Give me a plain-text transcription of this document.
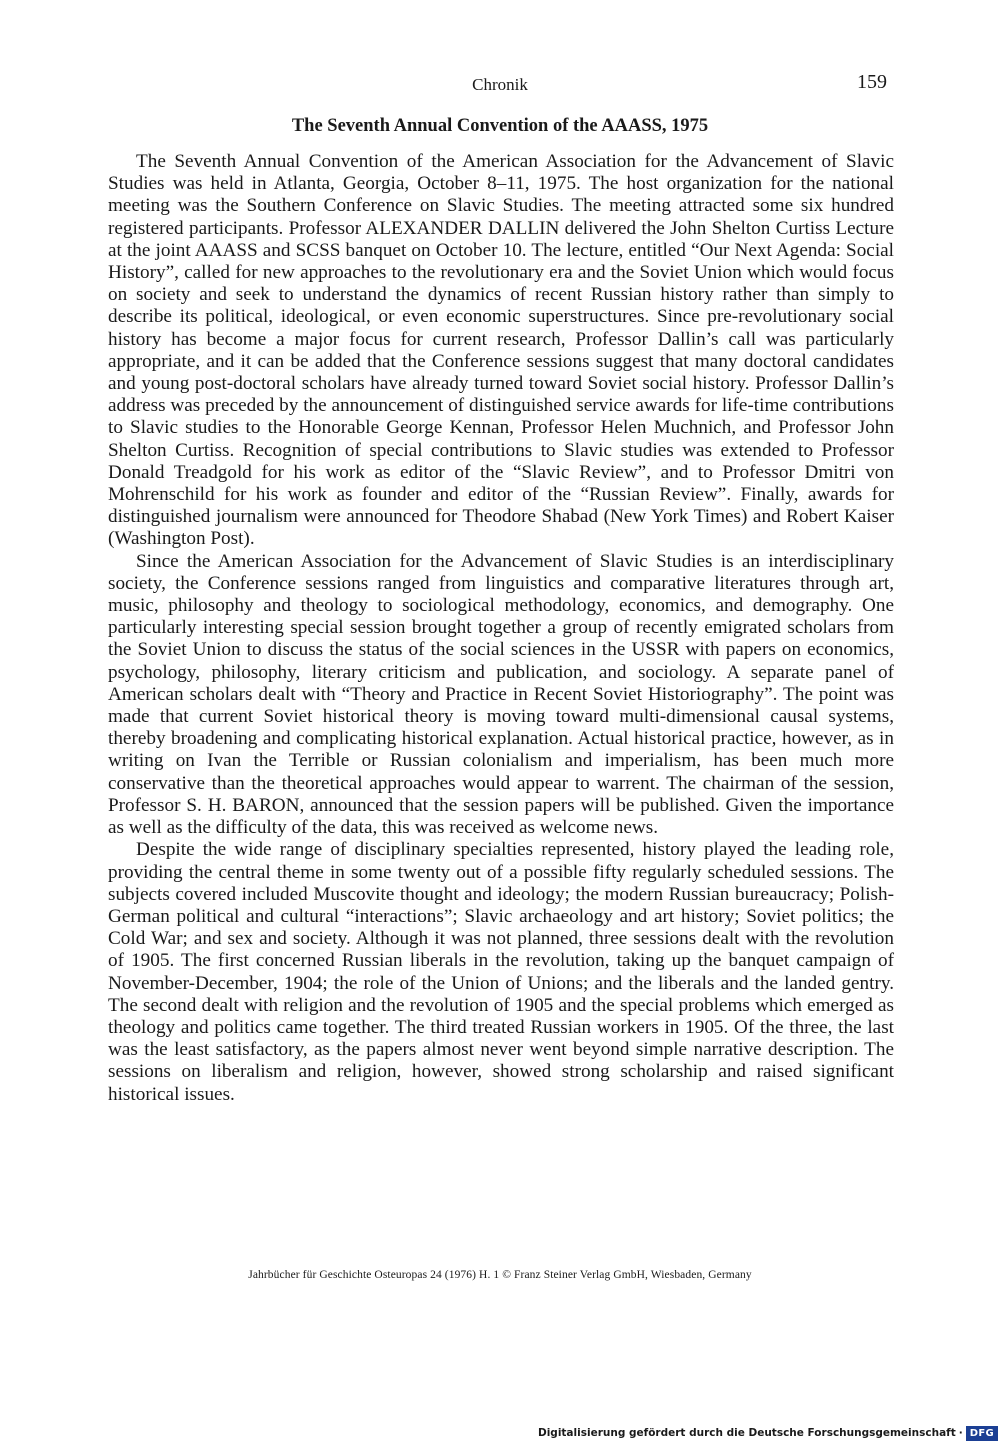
Chronik	159
The Seventh Annual Convention of the AAASS, 1975

The Seventh Annual Convention of the American Association for the Advancement of Slavic Studies was held in Atlanta, Georgia, October 8–11, 1975. The host organization for the national meeting was the Southern Conference on Slavic Studies. The meeting attracted some six hundred registered participants. Professor ALEXANDER DALLIN delivered the John Shelton Curtiss Lecture at the joint AAASS and SCSS banquet on October 10. The lecture, entitled “Our Next Agenda: Social History”, called for new approaches to the revolutionary era and the Soviet Union which would focus on society and seek to understand the dynamics of recent Russian history rather than simply to describe its political, ideological, or even economic superstructures. Since pre-revolutionary social history has become a major focus for current research, Professor Dallin’s call was particularly appropriate, and it can be added that the Conference sessions suggest that many doctoral candidates and young post-doctoral scholars have already turned toward Soviet social history. Professor Dallin’s address was preceded by the announcement of distinguished service awards for life-time contributions to Slavic studies to the Honorable George Kennan, Professor Helen Muchnich, and Professor John Shelton Curtiss. Recognition of special contributions to Slavic studies was extended to Professor Donald Treadgold for his work as editor of the “Slavic Review”, and to Professor Dmitri von Mohrenschild for his work as founder and editor of the “Russian Review”. Finally, awards for distinguished journalism were announced for Theodore Shabad (New York Times) and Robert Kaiser (Washington Post).

Since the American Association for the Advancement of Slavic Studies is an interdisciplinary society, the Conference sessions ranged from linguistics and comparative literatures through art, music, philosophy and theology to sociological methodology, economics, and demography. One particularly interesting special session brought together a group of recently emigrated scholars from the Soviet Union to discuss the status of the social sciences in the USSR with papers on economics, psychology, philosophy, literary criticism and publication, and sociology. A separate panel of American scholars dealt with “Theory and Practice in Recent Soviet Historiography”. The point was made that current Soviet historical theory is moving toward multi-dimensional causal systems, thereby broadening and complicating historical explanation. Actual historical practice, however, as in writing on Ivan the Terrible or Russian colonialism and imperialism, has been much more conservative than the theoretical approaches would appear to warrent. The chairman of the session, Professor S. H. BARON, announced that the session papers will be published. Given the importance as well as the difficulty of the data, this was received as welcome news.

Despite the wide range of disciplinary specialties represented, history played the leading role, providing the central theme in some twenty out of a possible fifty regularly scheduled sessions. The subjects covered included Muscovite thought and ideology; the modern Russian bureaucracy; Polish-German political and cultural “interactions”; Slavic archaeology and art history; Soviet politics; the Cold War; and sex and society. Although it was not planned, three sessions dealt with the revolution of 1905. The first concerned Russian liberals in the revolution, taking up the banquet campaign of November-December, 1904; the role of the Union of Unions; and the liberals and the landed gentry. The second dealt with religion and the revolution of 1905 and the special problems which emerged as theology and politics came together. The third treated Russian workers in 1905. Of the three, the last was the least satisfactory, as the papers almost never went beyond simple narrative description. The sessions on liberalism and religion, however, showed strong scholarship and raised significant historical issues.

Jahrbücher für Geschichte Osteuropas 24 (1976) H. 1 © Franz Steiner Verlag GmbH, Wiesbaden, Germany
Digitalisierung gefördert durch die Deutsche Forschungsgemeinschaft · DFG
